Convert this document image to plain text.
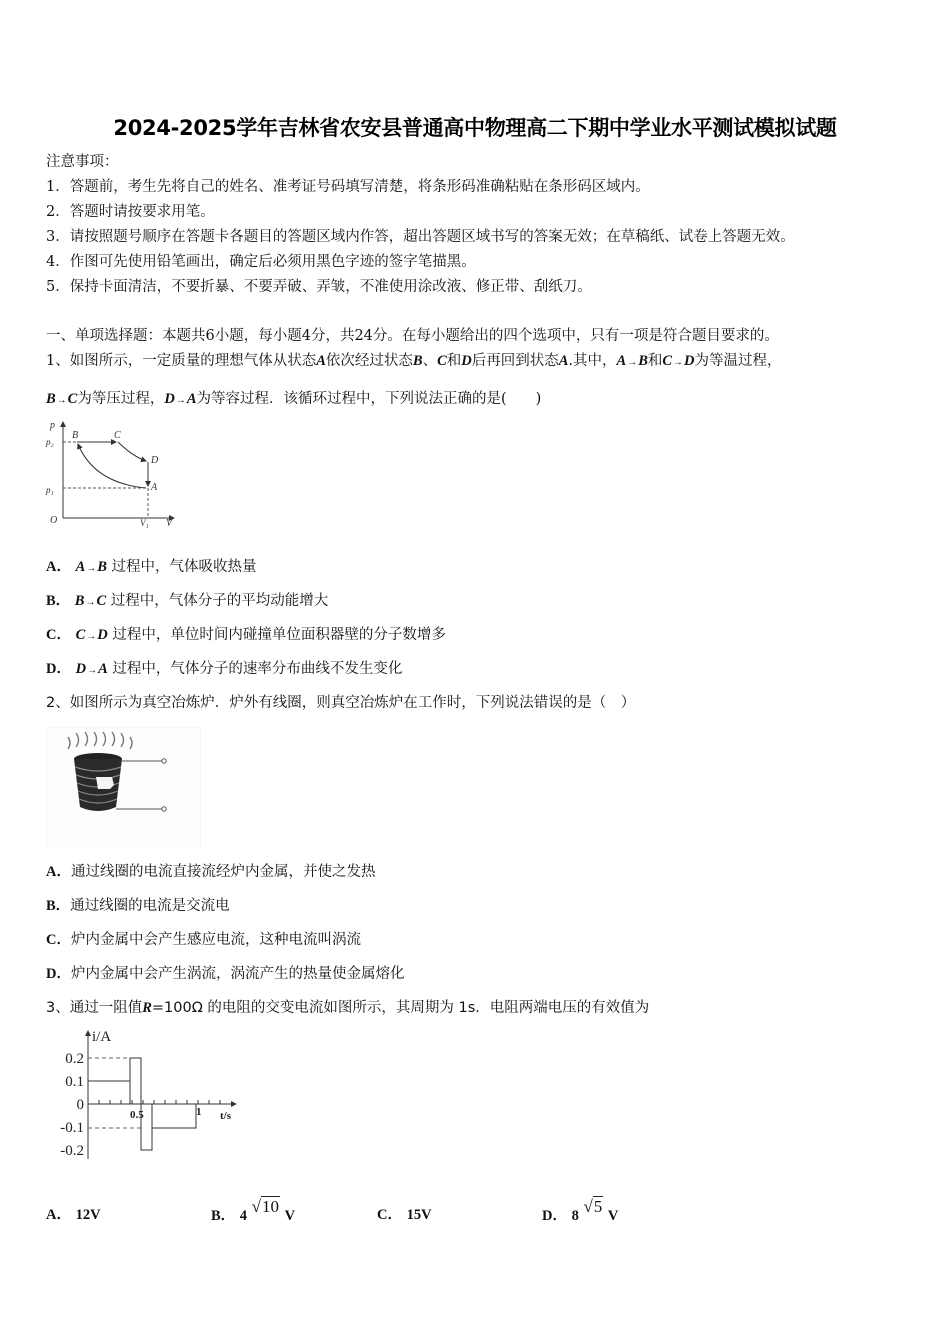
2024-2025学年吉林省农安县普通高中物理高二下期中学业水平测试模拟试题
注意事项：
1．答题前，考生先将自己的姓名、准考证号码填写清楚，将条形码准确粘贴在条形码区域内。
2．答题时请按要求用笔。
3．请按照题号顺序在答题卡各题目的答题区域内作答，超出答题区域书写的答案无效；在草稿纸、试卷上答题无效。
4．作图可先使用铅笔画出，确定后必须用黑色字迹的签字笔描黑。
5．保持卡面清洁，不要折暴、不要弄破、弄皱，不准使用涂改液、修正带、刮纸刀。
一、单项选择题：本题共6小题，每小题4分，共24分。在每小题给出的四个选项中，只有一项是符合题目要求的。
1、如图所示，一定质量的理想气体从状态A依次经过状态B、C和D后再回到状态A.其中，A→B和C→D为等温过程，
B→C为等压过程，D→A为等容过程．该循环过程中，下列说法正确的是(　　)
p
V
O
p₂
p₁
V₁
B	C
D
A
A． A→B 过程中，气体吸收热量
B． B→C 过程中，气体分子的平均动能增大
C． C→D 过程中，单位时间内碰撞单位面积器壁的分子数增多
D． D→A 过程中，气体分子的速率分布曲线不发生变化
2、如图所示为真空冶炼炉．炉外有线圈，则真空冶炼炉在工作时，下列说法错误的是（　）
A．通过线圈的电流直接流经炉内金属，并使之发热
B．通过线圈的电流是交流电
C．炉内金属中会产生感应电流，这种电流叫涡流
D．炉内金属中会产生涡流，涡流产生的热量使金属熔化
3、通过一阻值R=100Ω 的电阻的交变电流如图所示，其周期为 1s．电阻两端电压的有效值为
i/A
t/s
0.2
0.1
0
-0.1
-0.2
0.5	1
A． 12V	B． 4 √10 V	C． 15V	D． 8 √5 V
